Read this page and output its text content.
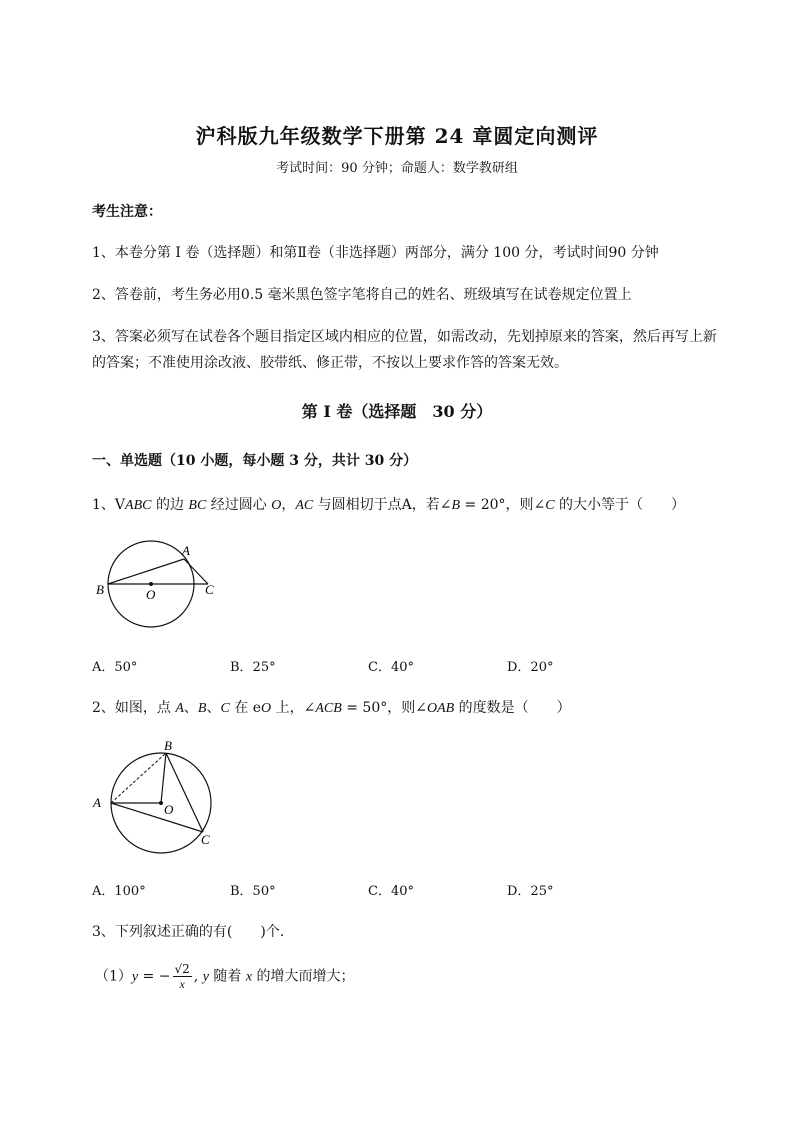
沪科版九年级数学下册第 24 章圆定向测评
考试时间：90 分钟；命题人：数学教研组
考生注意：
1、本卷分第 I 卷（选择题）和第Ⅱ卷（非选择题）两部分，满分 100 分，考试时间90 分钟
2、答卷前，考生务必用0.5 毫米黑色签字笔将自己的姓名、班级填写在试卷规定位置上
3、答案必须写在试卷各个题目指定区域内相应的位置，如需改动，先划掉原来的答案，然后再写上新
的答案；不准使用涂改液、胶带纸、修正带，不按以上要求作答的答案无效。
第 I 卷（选择题　30 分）
一、单选题（10 小题，每小题 3 分，共计 30 分）
1、VABC 的边 BC 经过圆心 O，AC 与圆相切于点A，若∠B = 20°，则∠C 的大小等于（　　）
A
B	C
O
A．50°	B．25°	C．40°	D．20°
2、如图，点 A、B、C 在 eO 上，∠ACB = 50°，则∠OAB 的度数是（　　）
B
A
C
O
A．100°	B．50°	C．40°	D．25°
3、下列叙述正确的有(　　)个.
（1）y = − $\frac{√2}{x}$ , y 随着 x 的增大而增大；
